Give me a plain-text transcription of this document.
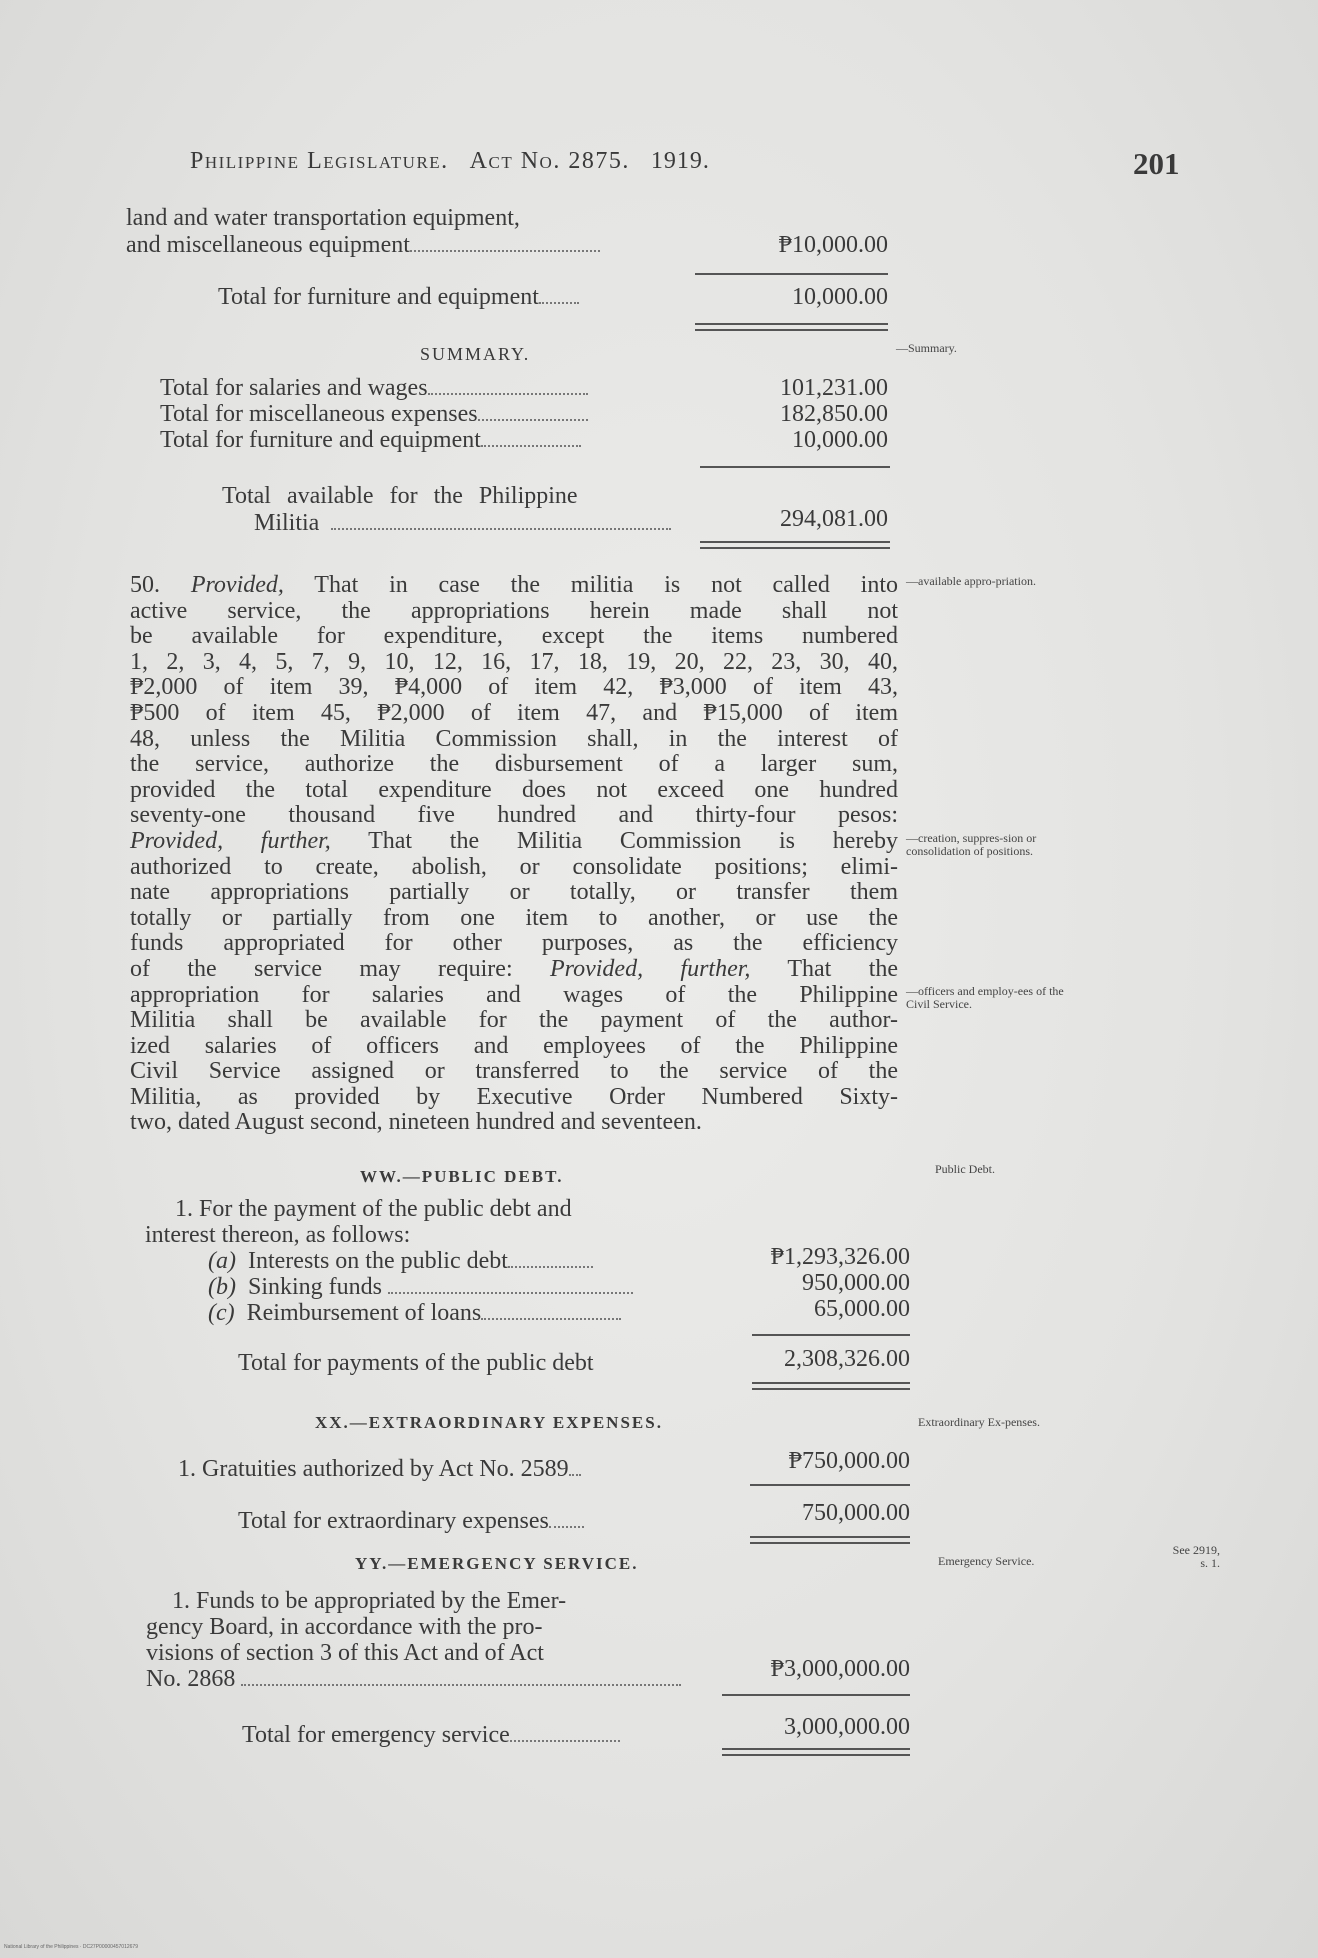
Philippine Legislature. Act No. 2875. 1919.	201
land and water transportation equipment,
and miscellaneous equipment	₱10,000.00
Total for furniture and equipment	10,000.00
SUMMARY.	—Summary.
Total for salaries and wages	101,231.00
Total for miscellaneous expenses	182,850.00
Total for furniture and equipment	10,000.00
Total available for the Philippine
Militia	294,081.00
50. Provided, That in case the militia is not called into
active service, the appropriations herein made shall not
be available for expenditure, except the items numbered
1, 2, 3, 4, 5, 7, 9, 10, 12, 16, 17, 18, 19, 20, 22, 23, 30, 40,
₱2,000 of item 39, ₱4,000 of item 42, ₱3,000 of item 43,
₱500 of item 45, ₱2,000 of item 47, and ₱15,000 of item
48, unless the Militia Commission shall, in the interest of
the service, authorize the disbursement of a larger sum,
provided the total expenditure does not exceed one hundred
seventy-one thousand five hundred and thirty-four pesos:
Provided, further, That the Militia Commission is hereby
authorized to create, abolish, or consolidate positions; elimi-
nate appropriations partially or totally, or transfer them
totally or partially from one item to another, or use the
funds appropriated for other purposes, as the efficiency
of the service may require: Provided, further, That the
appropriation for salaries and wages of the Philippine
Militia shall be available for the payment of the author-
ized salaries of officers and employees of the Philippine
Civil Service assigned or transferred to the service of the
Militia, as provided by Executive Order Numbered Sixty-
two, dated August second, nineteen hundred and seventeen.
—available appro-priation.
—creation, suppres-sion or consolidation of positions.
—officers and employ-ees of the Civil Service.
WW.—PUBLIC DEBT.	Public Debt.
1. For the payment of the public debt and
interest thereon, as follows:
(a) Interests on the public debt	₱1,293,326.00
(b) Sinking funds	950,000.00
(c) Reimbursement of loans	65,000.00
Total for payments of the public debt	2,308,326.00
XX.—EXTRAORDINARY EXPENSES.	Extraordinary Ex-penses.
1. Gratuities authorized by Act No. 2589	₱750,000.00
Total for extraordinary expenses	750,000.00
YY.—EMERGENCY SERVICE.	Emergency Service.
See 2919,
s. 1.
1. Funds to be appropriated by the Emer-
gency Board, in accordance with the pro-
visions of section 3 of this Act and of Act
No. 2868	₱3,000,000.00
Total for emergency service	3,000,000.00
National Library of the Philippines · DC27P00000457012679
